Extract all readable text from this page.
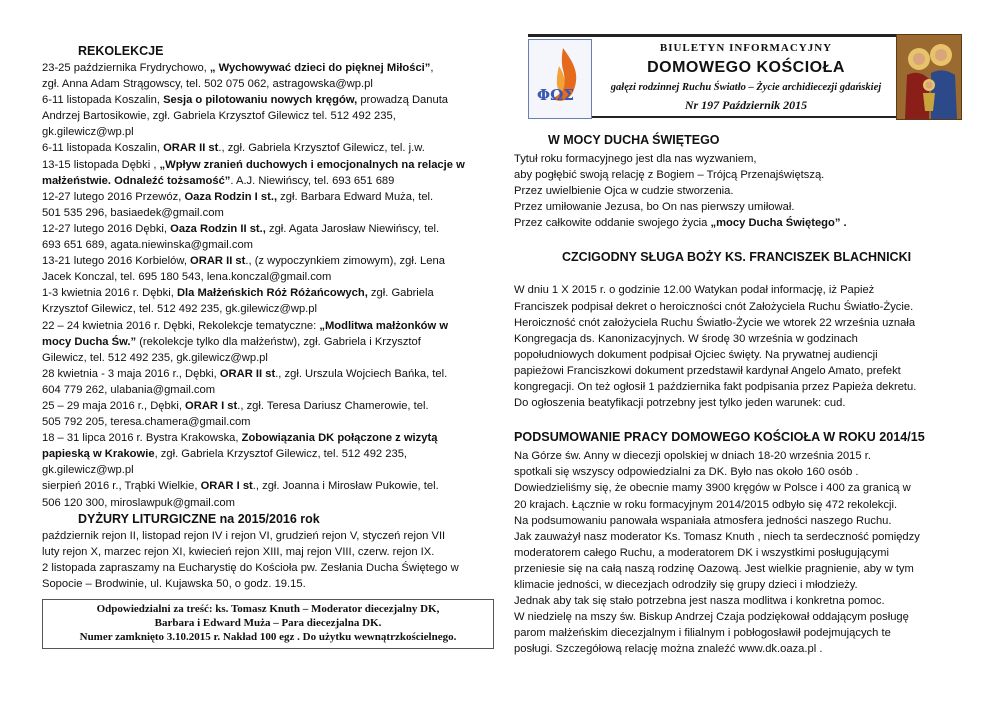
REKOLEKCJE
23-25 października Frydrychowo, „ Wychowywać dzieci do pięknej Miłości”,
zgł. Anna Adam Strągowscy, tel. 502 075 062, astragowska@wp.pl
6-11 listopada Koszalin, Sesja o pilotowaniu nowych kręgów, prowadzą Danuta
Andrzej Bartosikowie, zgł. Gabriela Krzysztof Gilewicz tel. 512 492 235,
gk.gilewicz@wp.pl
6-11 listopada Koszalin, ORAR II st., zgł. Gabriela Krzysztof Gilewicz, tel. j.w.
13-15 listopada Dębki , „Wpływ zranień duchowych i emocjonalnych na relacje w
małżeństwie. Odnaleźć tożsamość”. A.J. Niewińscy, tel. 693 651 689
12-27 lutego 2016 Przewóz, Oaza Rodzin I st., zgł. Barbara Edward Muża, tel.
501 535 296, basiaedek@gmail.com
12-27 lutego 2016 Dębki, Oaza Rodzin II st., zgł. Agata Jarosław Niewińscy, tel.
693 651 689, agata.niewinska@gmail.com
13-21 lutego 2016 Korbielów, ORAR II st., (z wypoczynkiem zimowym), zgł. Lena
Jacek Konczal, tel. 695 180 543, lena.konczal@gmail.com
1-3 kwietnia 2016 r. Dębki, Dla Małżeńskich Róż Różańcowych, zgł. Gabriela
Krzysztof Gilewicz, tel. 512 492 235, gk.gilewicz@wp.pl
22 – 24 kwietnia 2016 r. Dębki, Rekolekcje tematyczne: „Modlitwa małżonków w
mocy Ducha Św.” (rekolekcje tylko dla małżeństw), zgł. Gabriela i Krzysztof
Gilewicz, tel. 512 492 235, gk.gilewicz@wp.pl
28 kwietnia - 3 maja 2016 r., Dębki, ORAR II st., zgł. Urszula Wojciech Bańka, tel.
604 779 262, ulabania@gmail.com
25 – 29 maja 2016 r., Dębki, ORAR I st., zgł. Teresa Dariusz Chamerowie, tel.
505 792 205, teresa.chamera@gmail.com
18 – 31 lipca 2016 r. Bystra Krakowska, Zobowiązania DK połączone z wizytą
papieską w Krakowie, zgł. Gabriela Krzysztof Gilewicz, tel. 512 492 235,
gk.gilewicz@wp.pl
sierpień 2016 r., Trąbki Wielkie, ORAR I st., zgł. Joanna i Mirosław Pukowie, tel.
506 120 300, miroslawpuk@gmail.com
DYŻURY LITURGICZNE na 2015/2016 rok
październik rejon II, listopad rejon IV i rejon VI, grudzień rejon V, styczeń rejon VII
luty rejon X, marzec rejon XI, kwiecień rejon XIII, maj rejon VIII, czerw. rejon IX.
2 listopada zapraszamy na Eucharystię do Kościoła pw. Zesłania Ducha Świętego w
Sopocie – Brodwinie, ul. Kujawska 50, o godz. 19.15.
Odpowiedzialni za treść: ks. Tomasz Knuth – Moderator diecezjalny DK,
Barbara i Edward Muża – Para diecezjalna DK.
Numer zamknięto 3.10.2015 r. Nakład 100 egz . Do użytku wewnątrzkościelnego.
ΦΩΣ
BIULETYN INFORMACYJNY
DOMOWEGO KOŚCIOŁA
gałęzi rodzinnej Ruchu Światło – Życie archidiecezji gdańskiej
Nr 197 Październik 2015
W MOCY DUCHA ŚWIĘTEGO
Tytuł roku formacyjnego jest dla nas wyzwaniem,
aby pogłębić swoją relację z Bogiem – Trójcą Przenajświętszą.
Przez uwielbienie Ojca w cudzie stworzenia.
Przez umiłowanie Jezusa, bo On nas pierwszy umiłował.
Przez całkowite oddanie swojego życia „mocy Ducha Świętego” .
CZCIGODNY SŁUGA BOŻY KS. FRANCISZEK BLACHNICKI
W dniu 1 X 2015 r. o godzinie 12.00 Watykan podał informację, iż Papież
Franciszek podpisał dekret o heroiczności cnót Założyciela Ruchu Światło-Życie.
Heroiczność cnót założyciela Ruchu Światło-Życie we wtorek 22 września uznała
Kongregacja ds. Kanonizacyjnych. W środę 30 września w godzinach
popołudniowych dokument podpisał Ojciec święty. Na prywatnej audiencji
papieżowi Franciszkowi dokument przedstawił kardynał Angelo Amato, prefekt
kongregacji. On też ogłosił 1 października fakt podpisania przez Papieża dekretu.
Do ogłoszenia beatyfikacji potrzebny jest tylko jeden warunek: cud.
PODSUMOWANIE PRACY DOMOWEGO KOŚCIOŁA W ROKU 2014/15
Na Górze św. Anny w diecezji opolskiej w dniach 18-20 września 2015 r.
spotkali się wszyscy odpowiedzialni za DK. Było nas około 160 osób .
Dowiedzieliśmy się, że obecnie mamy 3900 kręgów w Polsce i 400 za granicą w
20 krajach. Łącznie w roku formacyjnym 2014/2015 odbyło się 472 rekolekcji.
Na podsumowaniu panowała wspaniała atmosfera jedności naszego Ruchu.
Jak zauważył nasz moderator Ks. Tomasz Knuth , niech ta serdeczność pomiędzy
moderatorem całego Ruchu, a moderatorem DK i wszystkimi posługującymi
przeniesie się na całą naszą rodzinę Oazową. Jest wielkie pragnienie, aby w tym
klimacie jedności, w diecezjach odrodziły się grupy dzieci i młodzieży.
Jednak aby tak się stało potrzebna jest nasza modlitwa i konkretna pomoc.
W niedzielę na mszy św. Biskup Andrzej Czaja podziękował oddającym posługę
parom małżeńskim diecezjalnym i filialnym i pobłogosławił podejmujących te
posługi. Szczegółową relację można znaleźć www.dk.oaza.pl .
